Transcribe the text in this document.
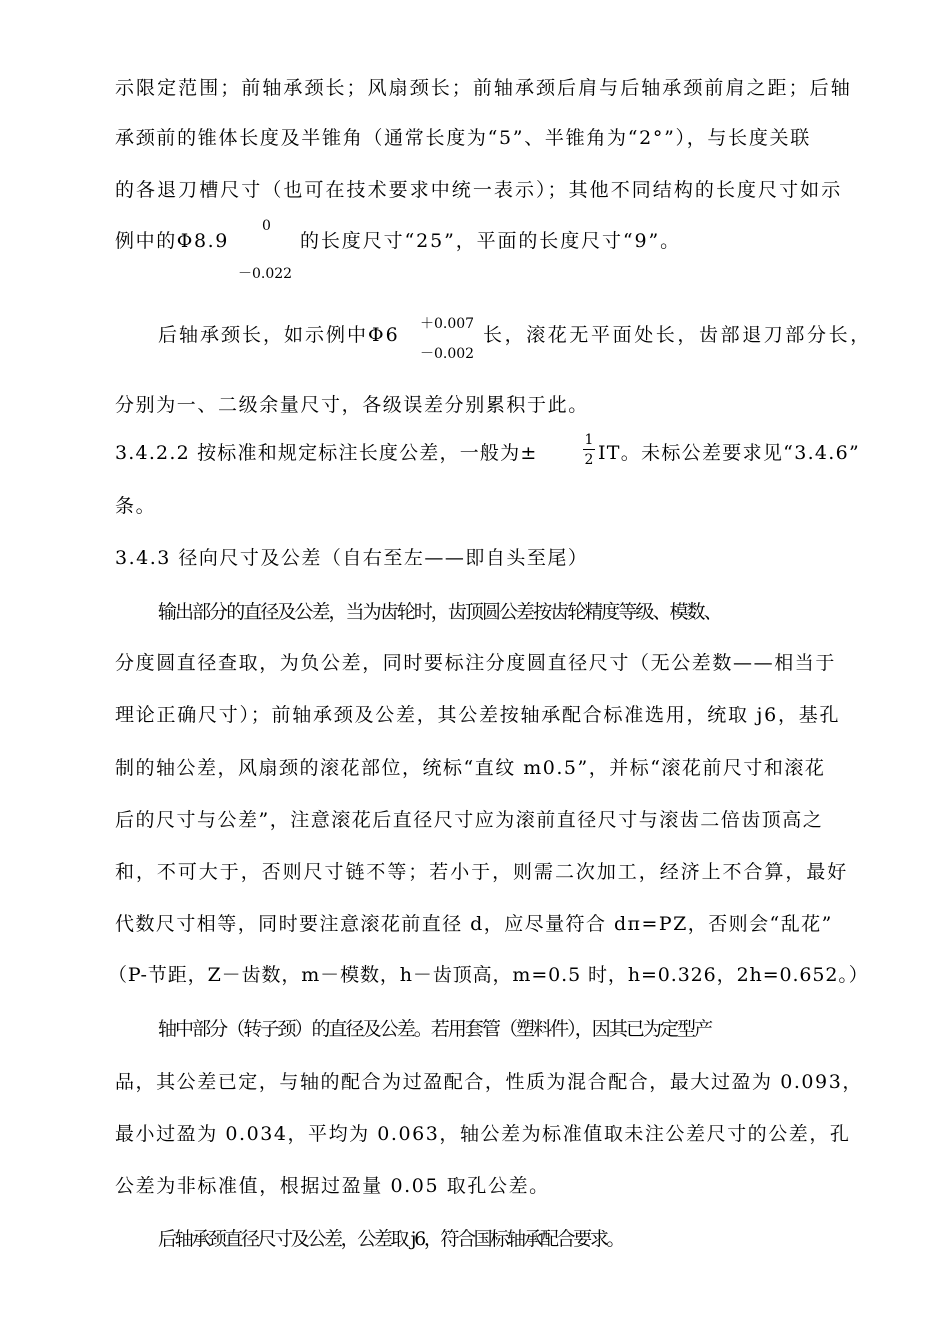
示限定范围；前轴承颈长；风扇颈长；前轴承颈后肩与后轴承颈前肩之距；后轴
承颈前的锥体长度及半锥角（通常长度为“5”、半锥角为“2°”），与长度关联
的各退刀槽尺寸（也可在技术要求中统一表示）；其他不同结构的长度尺寸如示
例中的Φ8.9
0
－0.022
的长度尺寸“25”，平面的长度尺寸“9”。
后轴承颈长，如示例中Φ6 ＋0.007
－0.002
长，滚花无平面处长，齿部退刀部分长，
分别为一、二级余量尺寸，各级误差分别累积于此。
3.4.2.2 按标准和规定标注长度公差，一般为±
1
2 IT。未标公差要求见“3.4.6”
条。
3.4.3 径向尺寸及公差（自右至左——即自头至尾）
输出部分的直径及公差，当为齿轮时，齿顶圆公差按齿轮精度等级、模数、
分度圆直径查取，为负公差，同时要标注分度圆直径尺寸（无公差数——相当于
理论正确尺寸）；前轴承颈及公差，其公差按轴承配合标准选用，统取 j6，基孔
制的轴公差，风扇颈的滚花部位，统标“直纹 m0.5”，并标“滚花前尺寸和滚花
后的尺寸与公差”，注意滚花后直径尺寸应为滚前直径尺寸与滚齿二倍齿顶高之
和，不可大于，否则尺寸链不等；若小于，则需二次加工，经济上不合算，最好
代数尺寸相等，同时要注意滚花前直径 d，应尽量符合 dπ=PZ，否则会“乱花”
（P-节距，Z－齿数，m－模数，h－齿顶高，m=0.5 时，h=0.326，2h=0.652。）
轴中部分（转子颈）的直径及公差。若用套管（塑料件），因其已为定型产
品，其公差已定，与轴的配合为过盈配合，性质为混合配合，最大过盈为 0.093，
最小过盈为 0.034，平均为 0.063，轴公差为标准值取未注公差尺寸的公差，孔
公差为非标准值，根据过盈量 0.05 取孔公差。
后轴承颈直径尺寸及公差，公差取 j6，符合国标轴承配合要求。
